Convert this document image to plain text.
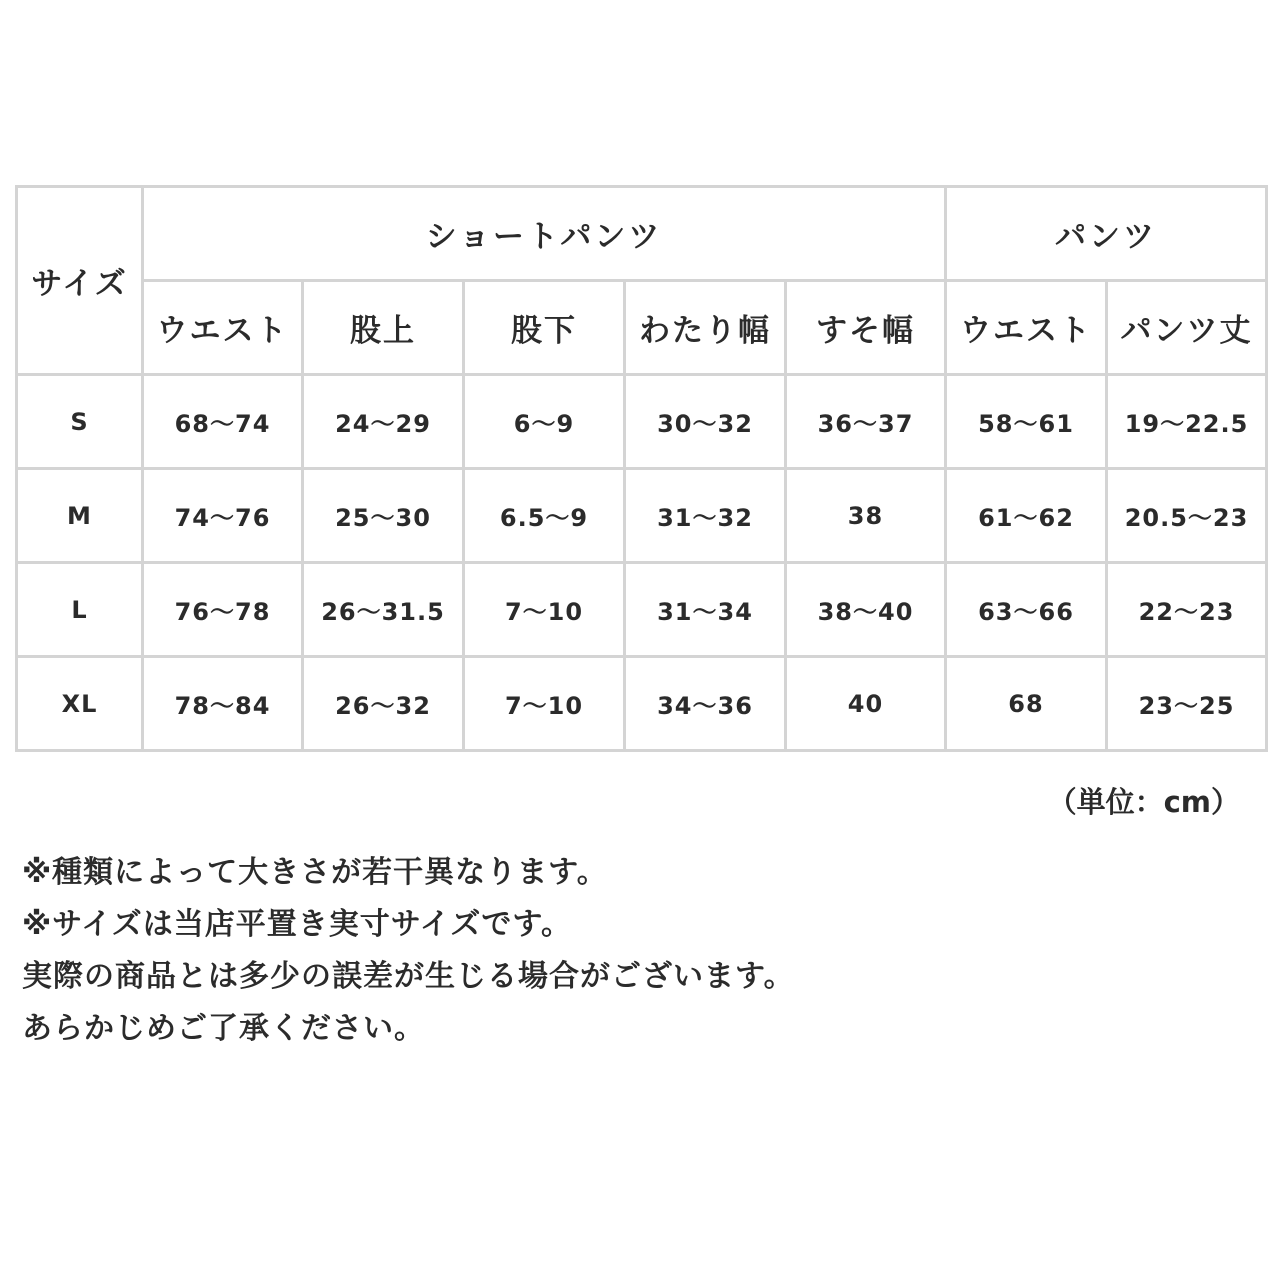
サイズ	ショートパンツ					パンツ	
	ウエスト	股上	股下	わたり幅	すそ幅	ウエスト	パンツ丈
S	68～74	24～29	6～9	30～32	36～37	58～61	19～22.5
M	74～76	25～30	6.5～9	31～32	38	61～62	20.5～23
L	76～78	26～31.5	7～10	31～34	38～40	63～66	22～23
XL	78～84	26～32	7～10	34～36	40	68	23～25
（単位：cm）
※種類によって大きさが若干異なります。
※サイズは当店平置き実寸サイズです。
実際の商品とは多少の誤差が生じる場合がございます。
あらかじめご了承ください。
